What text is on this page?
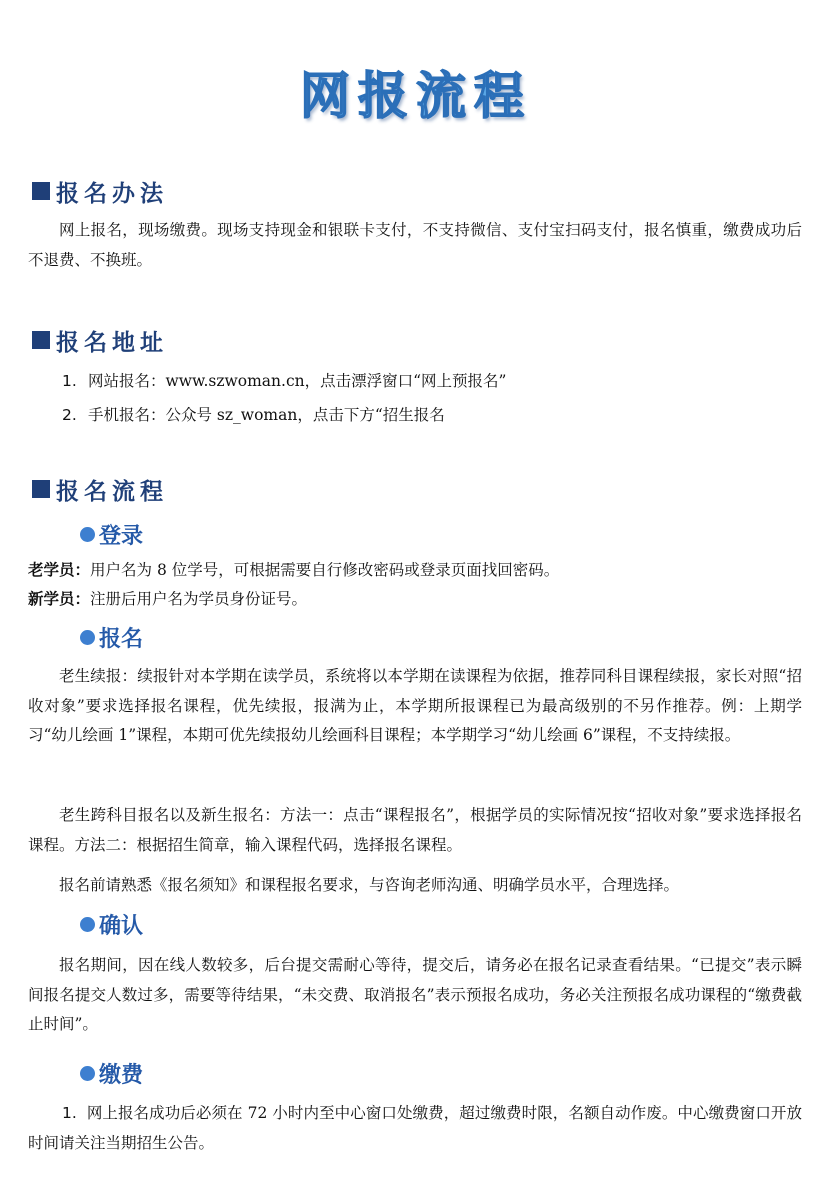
网报流程
报名办法
网上报名，现场缴费。现场支持现金和银联卡支付，不支持微信、支付宝扫码支付，报名慎重，缴费成功后不退费、不换班。
报名地址
1. 网站报名：www.szwoman.cn，点击漂浮窗口“网上预报名”
2. 手机报名：公众号 sz_woman，点击下方“招生报名
报名流程
登录
老学员：用户名为 8 位学号，可根据需要自行修改密码或登录页面找回密码。
新学员：注册后用户名为学员身份证号。
报名
老生续报：续报针对本学期在读学员，系统将以本学期在读课程为依据，推荐同科目课程续报，家长对照“招收对象”要求选择报名课程，优先续报，报满为止，本学期所报课程已为最高级别的不另作推荐。例：上期学习“幼儿绘画 1”课程，本期可优先续报幼儿绘画科目课程；本学期学习“幼儿绘画 6”课程，不支持续报。
老生跨科目报名以及新生报名：方法一：点击“课程报名”，根据学员的实际情况按“招收对象”要求选择报名课程。方法二：根据招生简章，输入课程代码，选择报名课程。
报名前请熟悉《报名须知》和课程报名要求，与咨询老师沟通、明确学员水平，合理选择。
确认
报名期间，因在线人数较多，后台提交需耐心等待，提交后，请务必在报名记录查看结果。“已提交”表示瞬间报名提交人数过多，需要等待结果，“未交费、取消报名”表示预报名成功，务必关注预报名成功课程的“缴费截止时间”。
缴费
1. 网上报名成功后必须在 72 小时内至中心窗口处缴费，超过缴费时限，名额自动作废。中心缴费窗口开放时间请关注当期招生公告。
